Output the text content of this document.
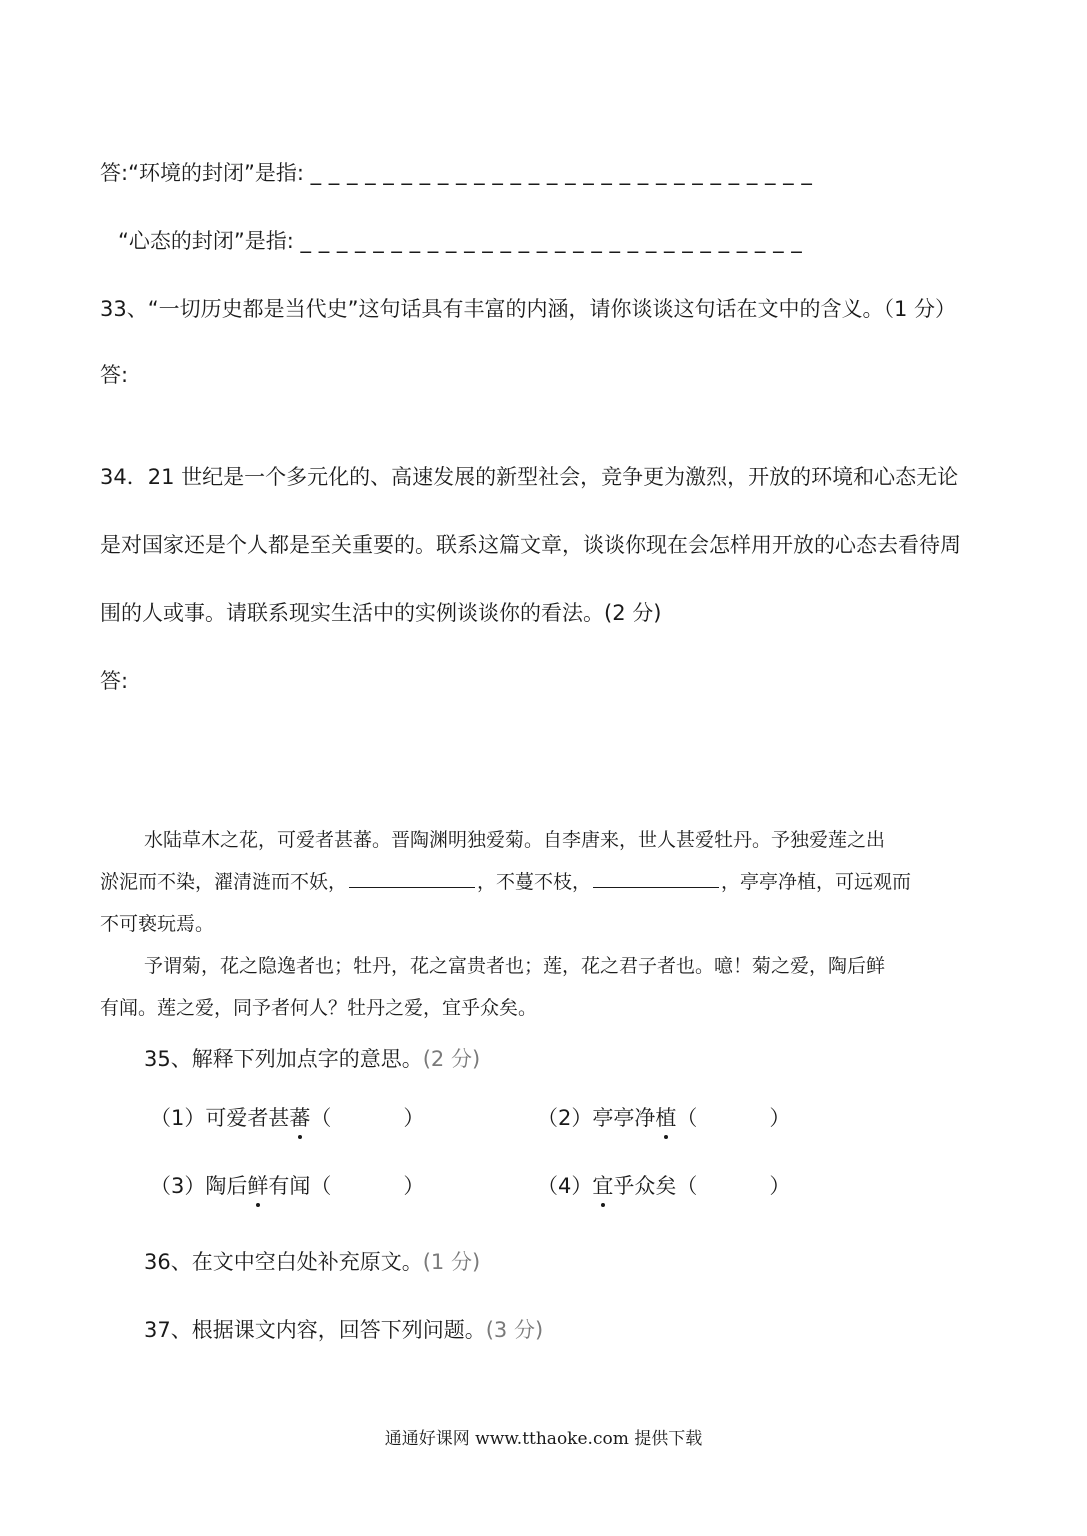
答:“环境的封闭”是指: _ _ _ _ _ _ _ _ _ _ _ _ _ _ _ _ _ _ _ _ _ _ _ _ _ _ _ _
“心态的封闭”是指: _ _ _ _ _ _ _ _ _ _ _ _ _ _ _ _ _ _ _ _ _ _ _ _ _ _ _ _
33、“一切历史都是当代史”这句话具有丰富的内涵，请你谈谈这句话在文中的含义。（1 分）
答:
34．21 世纪是一个多元化的、高速发展的新型社会，竞争更为激烈，开放的环境和心态无论
是对国家还是个人都是至关重要的。联系这篇文章，谈谈你现在会怎样用开放的心态去看待周
围的人或事。请联系现实生活中的实例谈谈你的看法。(2 分)
答:
水陆草木之花，可爱者甚蕃。晋陶渊明独爱菊。自李唐来，世人甚爱牡丹。予独爱莲之出
淤泥而不染，濯清涟而不妖，	，不蔓不枝，	，亭亭净植，可远观而
不可亵玩焉。
予谓菊，花之隐逸者也；牡丹，花之富贵者也；莲，花之君子者也。噫！菊之爱，陶后鲜
有闻。莲之爱，同予者何人？牡丹之爱，宜乎众矣。
35、解释下列加点字的意思。(2 分)
（1）可爱者甚蕃（	）	（2）亭亭净植（	）
（3）陶后鲜有闻（	）	（4）宜乎众矣（	）
36、在文中空白处补充原文。(1 分)
37、根据课文内容，回答下列问题。(3 分)
通通好课网 www.tthaoke.com 提供下载
